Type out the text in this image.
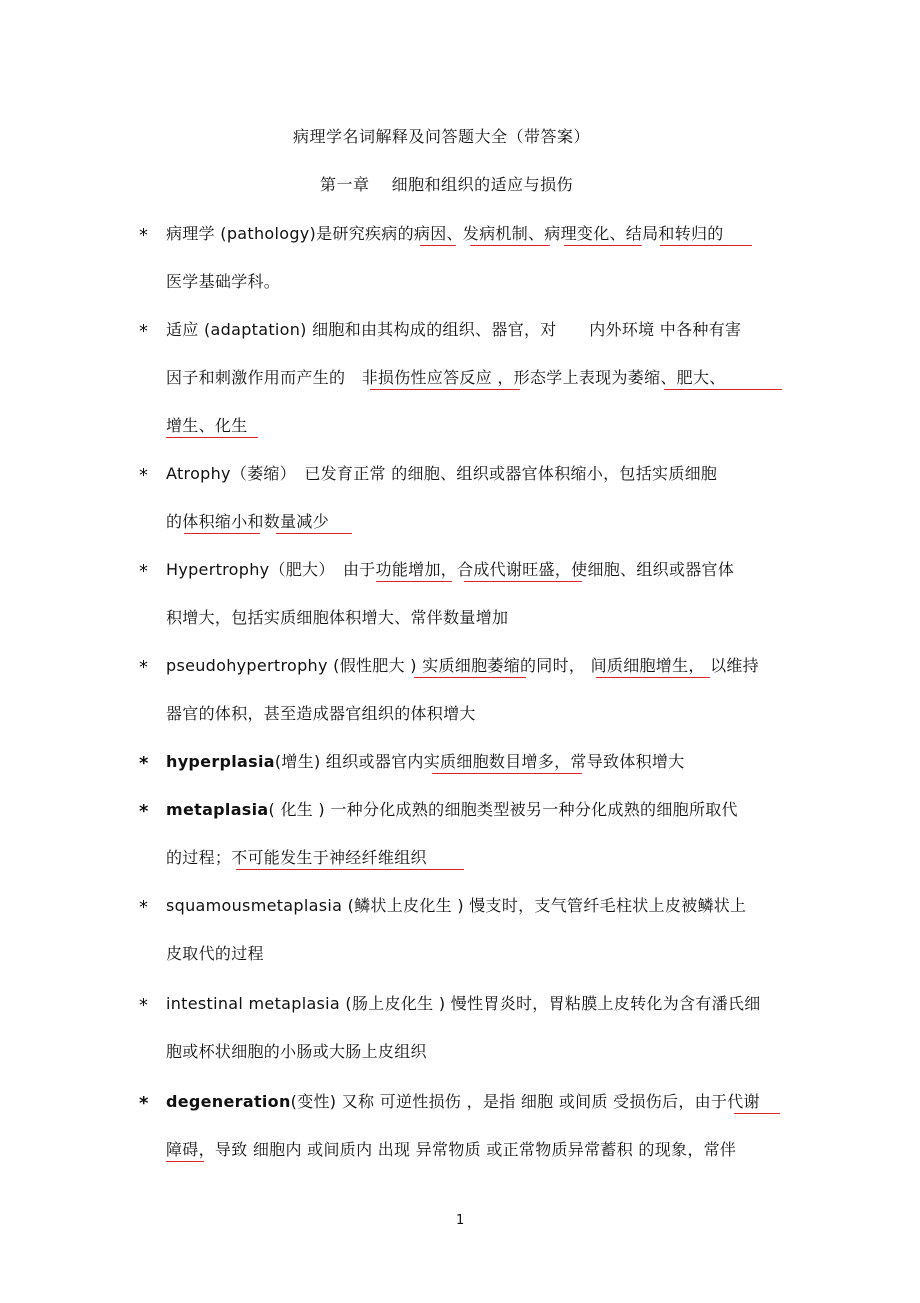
病理学名词解释及问答题大全（带答案）
第一章　 细胞和组织的适应与损伤
* 病理学 (pathology)是研究疾病的病因、发病机制、病理变化、结局和转归的
医学基础学科。
* 适应 (adaptation) 细胞和由其构成的组织、器官，对　　内外环境 中各种有害
因子和刺激作用而产生的　非损伤性应答反应 ，形态学上表现为萎缩、肥大、
增生、化生
* Atrophy（萎缩）　已发育正常 的细胞、组织或器官体积缩小，包括实质细胞
的体积缩小和数量减少
* Hypertrophy（肥大）　由于功能增加，合成代谢旺盛，使细胞、组织或器官体
积增大，包括实质细胞体积增大、常伴数量增加
* pseudohypertrophy (假性肥大 ) 实质细胞萎缩的同时， 间质细胞增生， 以维持
器官的体积，甚至造成器官组织的体积增大
* hyperplasia(增生) 组织或器官内实质细胞数目增多，常导致体积增大
* metaplasia( 化生 ) 一种分化成熟的细胞类型被另一种分化成熟的细胞所取代
的过程；不可能发生于神经纤维组织
* squamousmetaplasia (鳞状上皮化生 ) 慢支时，支气管纤毛柱状上皮被鳞状上
皮取代的过程
* intestinal metaplasia (肠上皮化生 ) 慢性胃炎时，胃粘膜上皮转化为含有潘氏细
胞或杯状细胞的小肠或大肠上皮组织
* degeneration(变性) 又称 可逆性损伤 ，是指 细胞 或间质 受损伤后，由于代谢
障碍，导致 细胞内 或间质内 出现 异常物质 或正常物质异常蓄积 的现象，常伴
1
